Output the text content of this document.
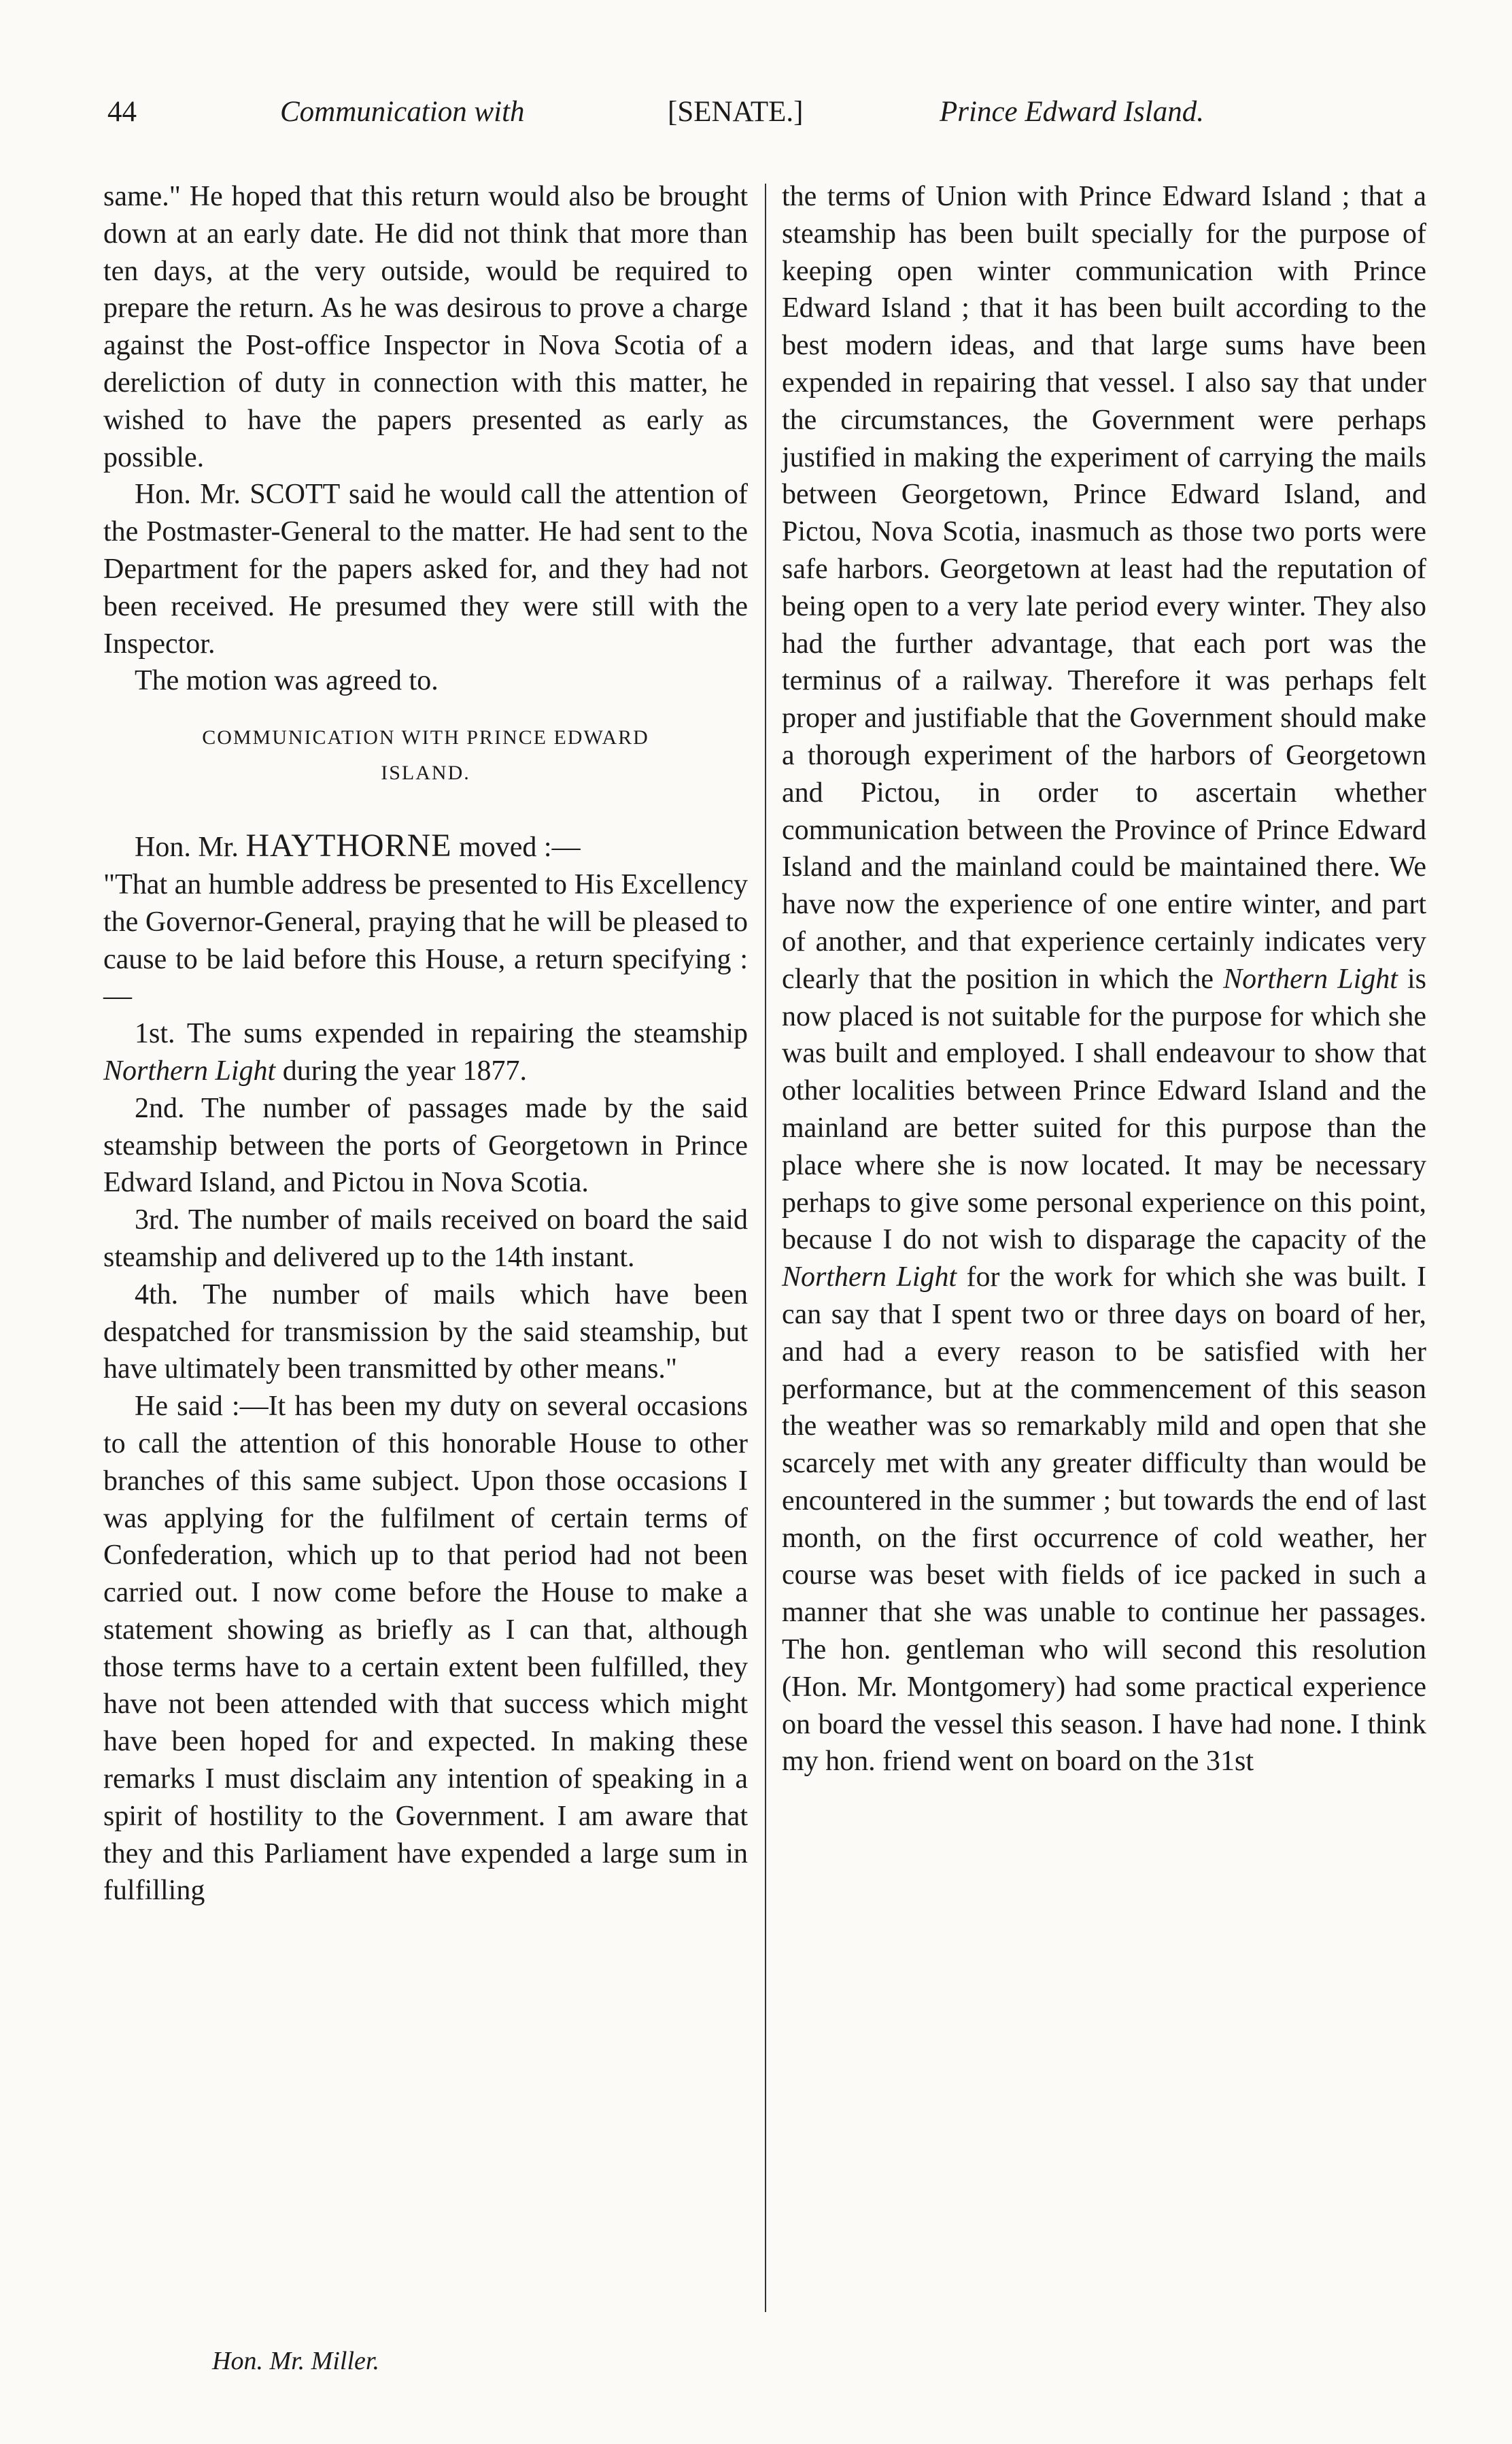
44	Communication with	[SENATE.]	Prince Edward Island.

same." He hoped that this return would also be brought down at an early date. He did not think that more than ten days, at the very outside, would be required to prepare the return. As he was desirous to prove a charge against the Post-office Inspector in Nova Scotia of a dereliction of duty in connection with this matter, he wished to have the papers presented as early as possible.

Hon. Mr. SCOTT said he would call the attention of the Postmaster-General to the matter. He had sent to the Department for the papers asked for, and they had not been received. He presumed they were still with the Inspector.

The motion was agreed to.

COMMUNICATION WITH PRINCE EDWARD
ISLAND.

Hon. Mr. HAYTHORNE moved :—

"That an humble address be presented to His Excellency the Governor-General, praying that he will be pleased to cause to be laid before this House, a return specifying :—

1st. The sums expended in repairing the steamship Northern Light during the year 1877.

2nd. The number of passages made by the said steamship between the ports of Georgetown in Prince Edward Island, and Pictou in Nova Scotia.

3rd. The number of mails received on board the said steamship and delivered up to the 14th instant.

4th. The number of mails which have been despatched for transmission by the said steamship, but have ultimately been transmitted by other means."

He said :—It has been my duty on several occasions to call the attention of this honorable House to other branches of this same subject. Upon those occasions I was applying for the fulfilment of certain terms of Confederation, which up to that period had not been carried out. I now come before the House to make a statement showing as briefly as I can that, although those terms have to a certain extent been fulfilled, they have not been attended with that success which might have been hoped for and expected. In making these remarks I must disclaim any intention of speaking in a spirit of hostility to the Government. I am aware that they and this Parliament have expended a large sum in fulfilling

the terms of Union with Prince Edward Island ; that a steamship has been built specially for the purpose of keeping open winter communication with Prince Edward Island ; that it has been built according to the best modern ideas, and that large sums have been expended in repairing that vessel. I also say that under the circumstances, the Government were perhaps justified in making the experiment of carrying the mails between Georgetown, Prince Edward Island, and Pictou, Nova Scotia, inasmuch as those two ports were safe harbors. Georgetown at least had the reputation of being open to a very late period every winter. They also had the further advantage, that each port was the terminus of a railway. Therefore it was perhaps felt proper and justifiable that the Government should make a thorough experiment of the harbors of Georgetown and Pictou, in order to ascertain whether communication between the Province of Prince Edward Island and the mainland could be maintained there. We have now the experience of one entire winter, and part of another, and that experience certainly indicates very clearly that the position in which the Northern Light is now placed is not suitable for the purpose for which she was built and employed. I shall endeavour to show that other localities between Prince Edward Island and the mainland are better suited for this purpose than the place where she is now located. It may be necessary perhaps to give some personal experience on this point, because I do not wish to disparage the capacity of the Northern Light for the work for which she was built. I can say that I spent two or three days on board of her, and had a every reason to be satisfied with her performance, but at the commencement of this season the weather was so remarkably mild and open that she scarcely met with any greater difficulty than would be encountered in the summer ; but towards the end of last month, on the first occurrence of cold weather, her course was beset with fields of ice packed in such a manner that she was unable to continue her passages. The hon. gentleman who will second this resolution (Hon. Mr. Montgomery) had some practical experience on board the vessel this season. I have had none. I think my hon. friend went on board on the 31st

Hon. Mr. Miller.
